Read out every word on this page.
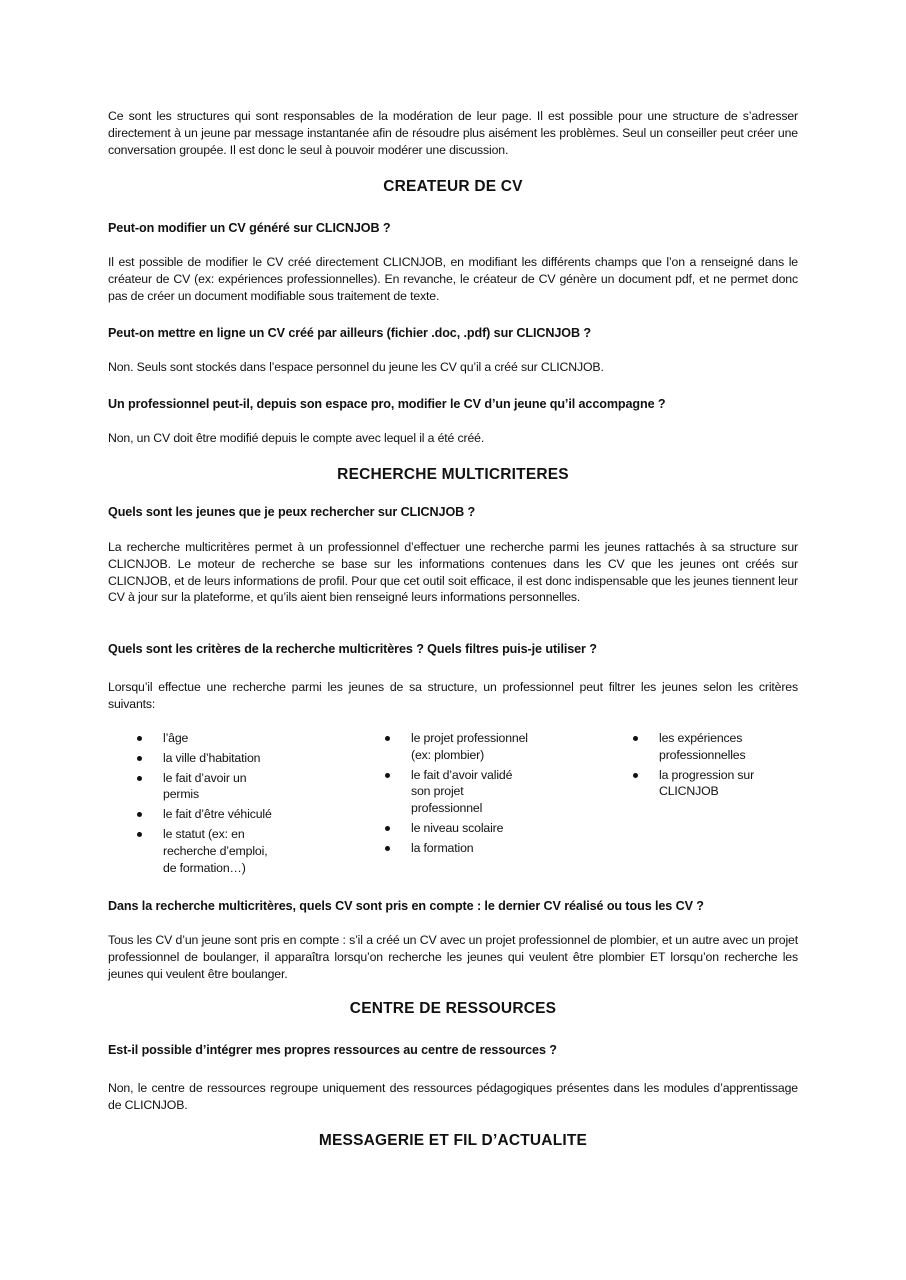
Ce sont les structures qui sont responsables de la modération de leur page. Il est possible pour une structure de s’adresser directement à un jeune par message instantanée afin de résoudre plus aisément les problèmes. Seul un conseiller peut créer une conversation groupée. Il est donc le seul à pouvoir modérer une discussion.
CREATEUR DE CV
Peut-on modifier un CV généré sur CLICNJOB ?
Il est possible de modifier le CV créé directement CLICNJOB, en modifiant les différents champs que l’on a renseigné dans le créateur de CV (ex: expériences professionnelles). En revanche, le créateur de CV génère un document pdf, et ne permet donc pas de créer un document modifiable sous traitement de texte.
Peut-on mettre en ligne un CV créé par ailleurs (fichier .doc, .pdf) sur CLICNJOB ?
Non. Seuls sont stockés dans l’espace personnel du jeune les CV qu’il a créé sur CLICNJOB.
Un professionnel peut-il, depuis son espace pro, modifier le CV d’un jeune qu’il accompagne ?
Non, un CV doit être modifié depuis le compte avec lequel il a été créé.
RECHERCHE MULTICRITERES
Quels sont les jeunes que je peux rechercher sur CLICNJOB ?
La recherche multicritères permet à un professionnel d’effectuer une recherche parmi les jeunes rattachés à sa structure sur CLICNJOB. Le moteur de recherche se base sur les informations contenues dans les CV que les jeunes ont créés sur CLICNJOB, et de leurs informations de profil. Pour que cet outil soit efficace, il est donc indispensable que les jeunes tiennent leur CV à jour sur la plateforme, et qu’ils aient bien renseigné leurs informations personnelles.
Quels sont les critères de la recherche multicritères ? Quels filtres puis-je utiliser ?
Lorsqu’il effectue une recherche parmi les jeunes de sa structure, un professionnel peut filtrer les jeunes selon les critères suivants:
l’âge
la ville d’habitation
le fait d’avoir un permis
le fait d’être véhiculé
le statut (ex: en recherche d’emploi, de formation…)
le projet professionnel (ex: plombier)
le fait d’avoir validé son projet professionnel
le niveau scolaire
la formation
les expériences professionnelles
la progression sur CLICNJOB
Dans la recherche multicritères, quels CV sont pris en compte : le dernier CV réalisé ou tous les CV ?
Tous les CV d’un jeune sont pris en compte : s’il a créé un CV avec un projet professionnel de plombier, et un autre avec un projet professionnel de boulanger, il apparaîtra lorsqu’on recherche les jeunes qui veulent être plombier ET lorsqu’on recherche les jeunes qui veulent être boulanger.
CENTRE DE RESSOURCES
Est-il possible d’intégrer mes propres ressources au centre de ressources ?
Non, le centre de ressources regroupe uniquement des ressources pédagogiques présentes dans les modules d’apprentissage de CLICNJOB.
MESSAGERIE ET FIL D’ACTUALITE
